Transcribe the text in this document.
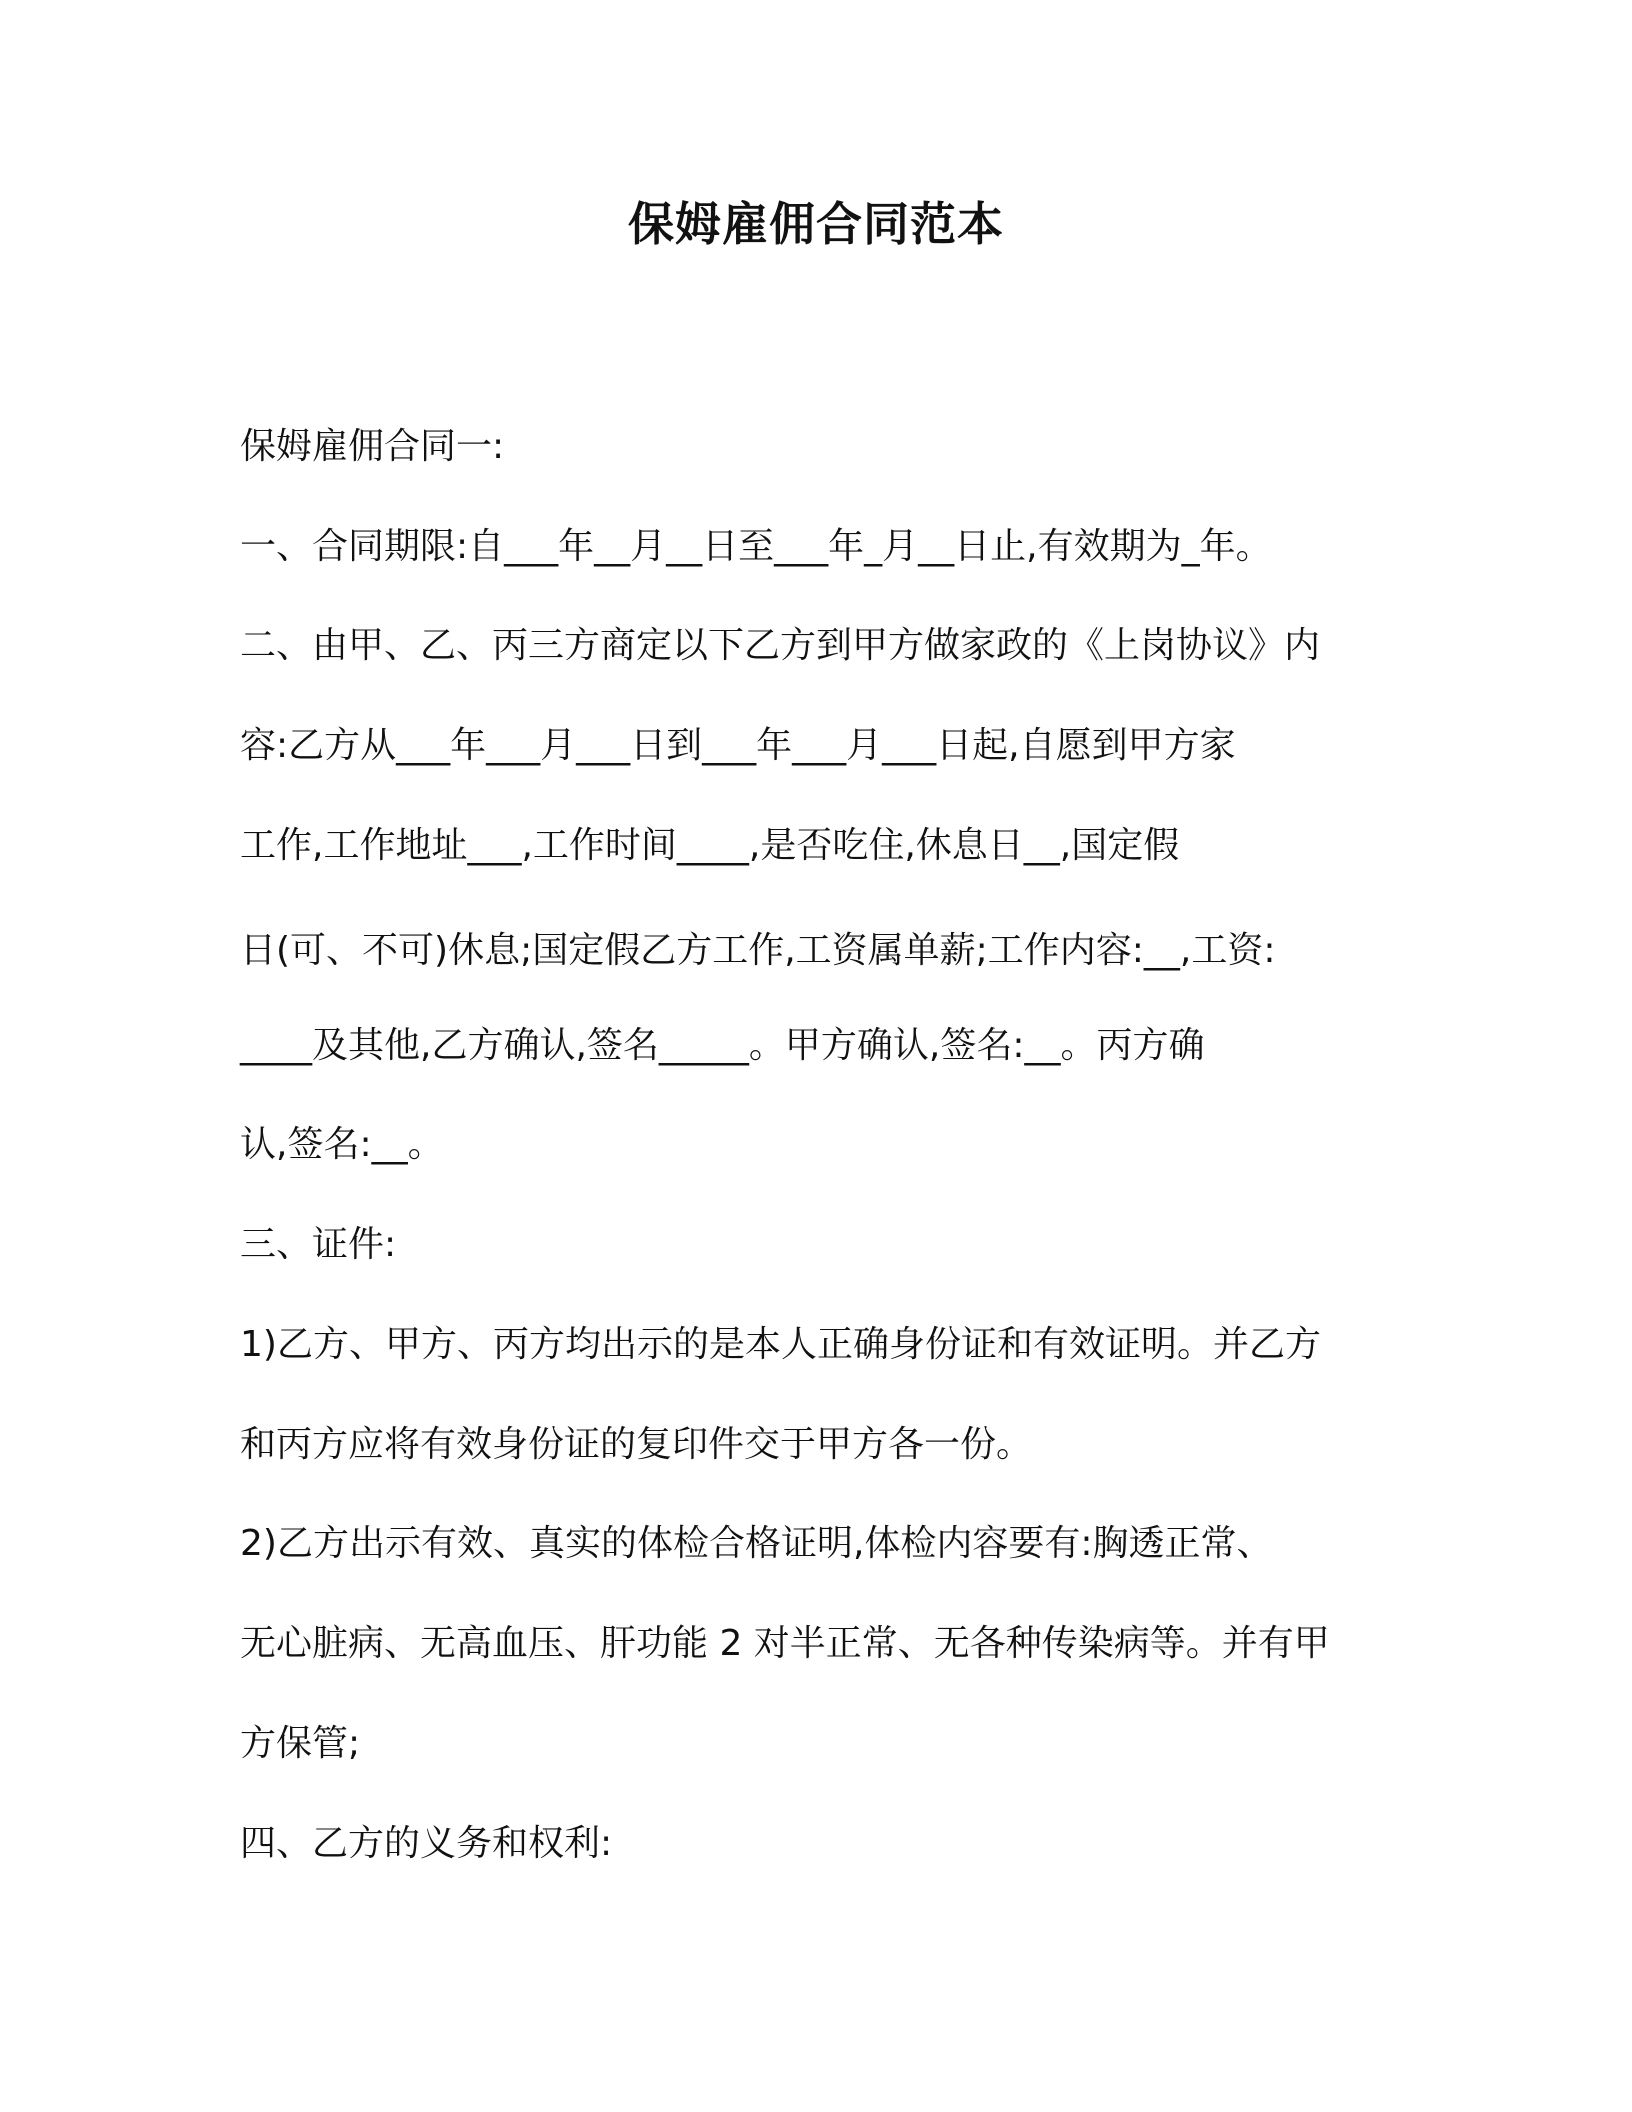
保姆雇佣合同范本

保姆雇佣合同一:

一、合同期限:自___年__月__日至___年_月__日止,有效期为_年。

二、由甲、乙、丙三方商定以下乙方到甲方做家政的《上岗协议》内

容:乙方从___年___月___日到___年___月___日起,自愿到甲方家

工作,工作地址___,工作时间____,是否吃住,休息日__,国定假

日(可、不可)休息;国定假乙方工作,工资属单薪;工作内容:__,工资:

____及其他,乙方确认,签名_____。甲方确认,签名:__。丙方确

认,签名:__。

三、证件:

1)乙方、甲方、丙方均出示的是本人正确身份证和有效证明。并乙方

和丙方应将有效身份证的复印件交于甲方各一份。

2)乙方出示有效、真实的体检合格证明,体检内容要有:胸透正常、

无心脏病、无高血压、肝功能 2 对半正常、无各种传染病等。并有甲

方保管;

四、乙方的义务和权利:
